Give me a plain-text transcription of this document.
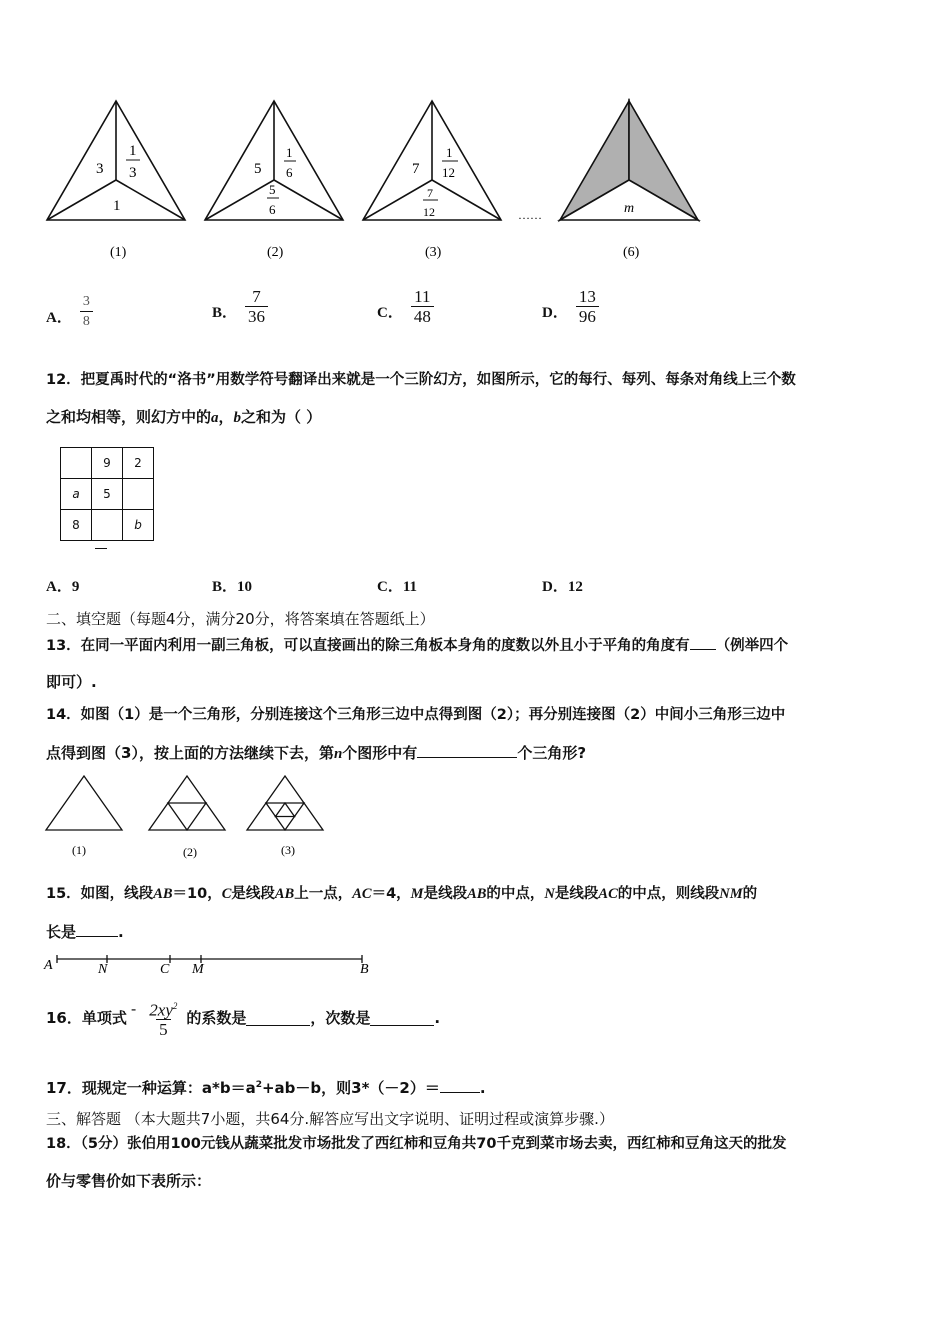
3
1
3
1
(1)
5
1
6
5
6
(2)
7
1
12
7
12
(3)
……	m
(6)
A． $\frac{3}{8}$	B． $\frac{7}{36}$	C． $\frac{11}{48}$	D． $\frac{13}{96}$
12．把夏禹时代的“洛书”用数学符号翻译出来就是一个三阶幻方，如图所示，它的每行、每列、每条对角线上三个数
之和均相等，则幻方中的a，b之和为（ ）
	9	2
a	5	
8		b
A．9	B．10	C．11	D．12
二、填空题（每题4分，满分20分，将答案填在答题纸上）
13．在同一平面内利用一副三角板，可以直接画出的除三角板本身角的度数以外且小于平角的角度有 （例举四个
即可）.
14．如图（1）是一个三角形，分别连接这个三角形三边中点得到图（2）；再分别连接图（2）中间小三角形三边中
点得到图（3），按上面的方法继续下去，第n个图形中有	个三角形?
(1)	(2)	(3)
15．如图，线段AB＝10，C是线段AB上一点，AC＝4，M是线段AB的中点，N是线段AC的中点，则线段NM的
长是	.
A	N	C M	B
16．单项式 - $\frac{2xy^2}{5}$ 的系数是	，次数是	.
17．现规定一种运算：$a*b=a^2+ab-b$，则3*（－2）＝	.
三、解答题 （本大题共7小题，共64分.解答应写出文字说明、证明过程或演算步骤.）
18．（5分）张伯用100元钱从蔬菜批发市场批发了西红柿和豆角共70千克到菜市场去卖，西红柿和豆角这天的批发
价与零售价如下表所示：
